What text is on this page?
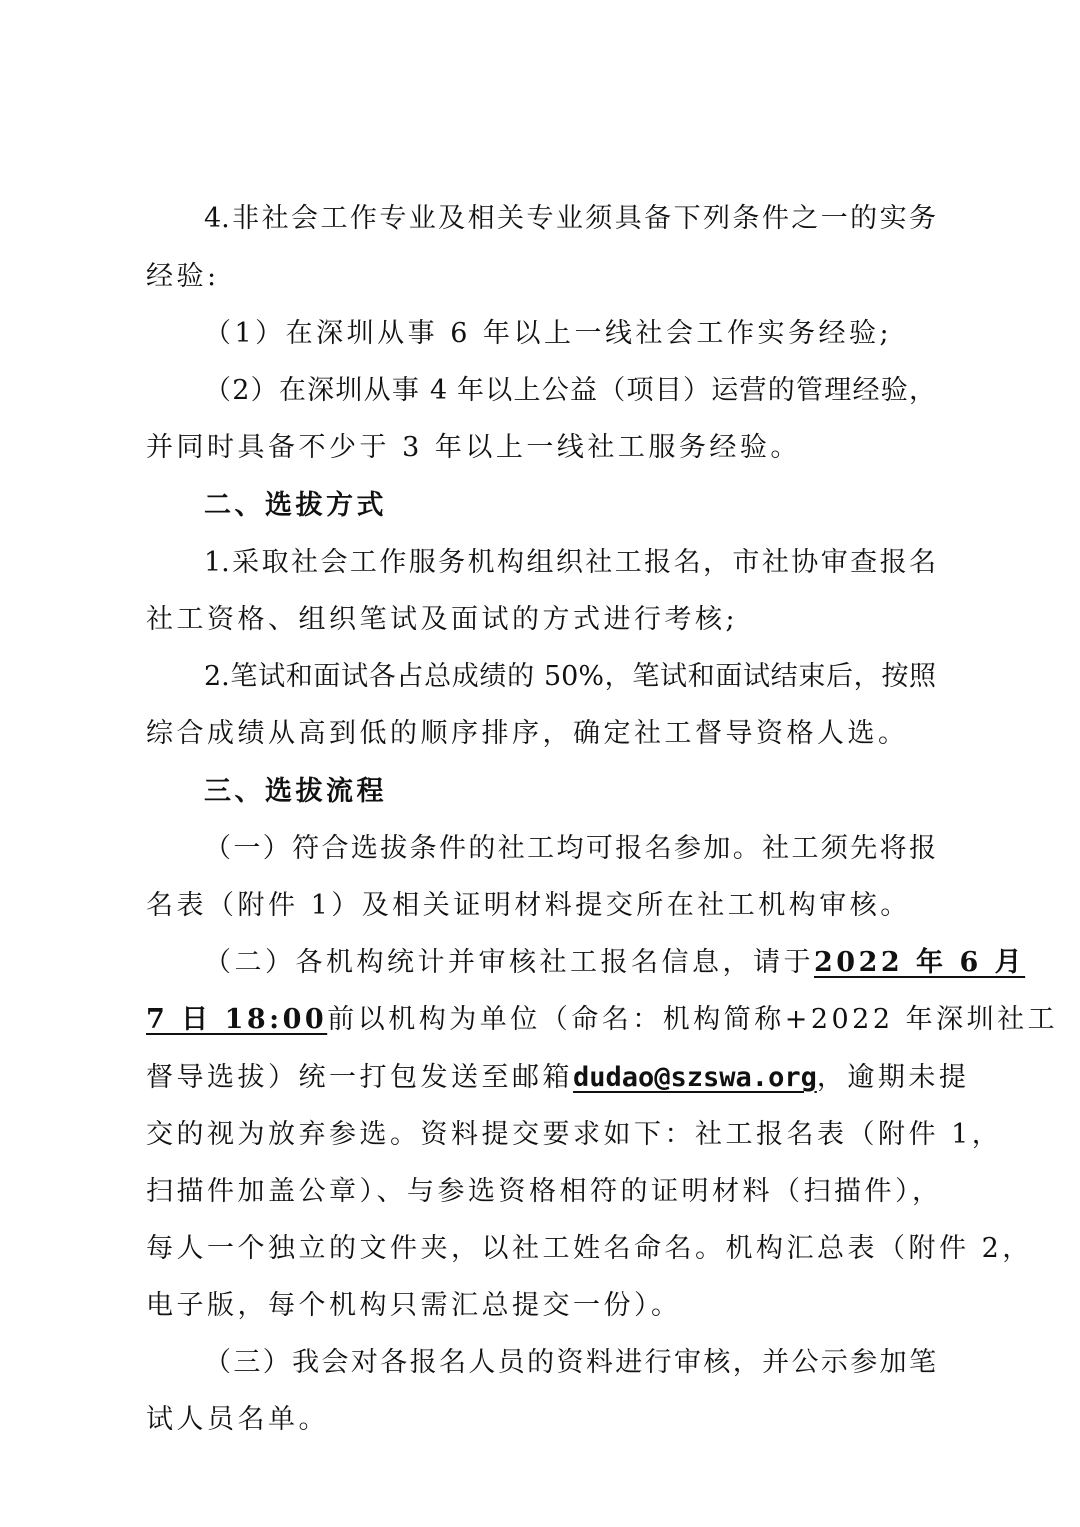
4.非社会工作专业及相关专业须具备下列条件之一的实务
经验:
（1）在深圳从事 6 年以上一线社会工作实务经验;
（2）在深圳从事 4 年以上公益（项目）运营的管理经验，
并同时具备不少于 3 年以上一线社工服务经验。
二、选拔方式
1.采取社会工作服务机构组织社工报名，市社协审查报名
社工资格、组织笔试及面试的方式进行考核;
2.笔试和面试各占总成绩的 50%，笔试和面试结束后，按照
综合成绩从高到低的顺序排序，确定社工督导资格人选。
三、选拔流程
（一）符合选拔条件的社工均可报名参加。社工须先将报
名表（附件 1）及相关证明材料提交所在社工机构审核。
（二）各机构统计并审核社工报名信息，请于2022 年 6 月
7 日 18:00前以机构为单位（命名：机构简称+2022 年深圳社工
督导选拔）统一打包发送至邮箱dudao@szswa.org，逾期未提
交的视为放弃参选。资料提交要求如下：社工报名表（附件 1，
扫描件加盖公章）、与参选资格相符的证明材料（扫描件），
每人一个独立的文件夹，以社工姓名命名。机构汇总表（附件 2，
电子版，每个机构只需汇总提交一份）。
（三）我会对各报名人员的资料进行审核，并公示参加笔
试人员名单。
